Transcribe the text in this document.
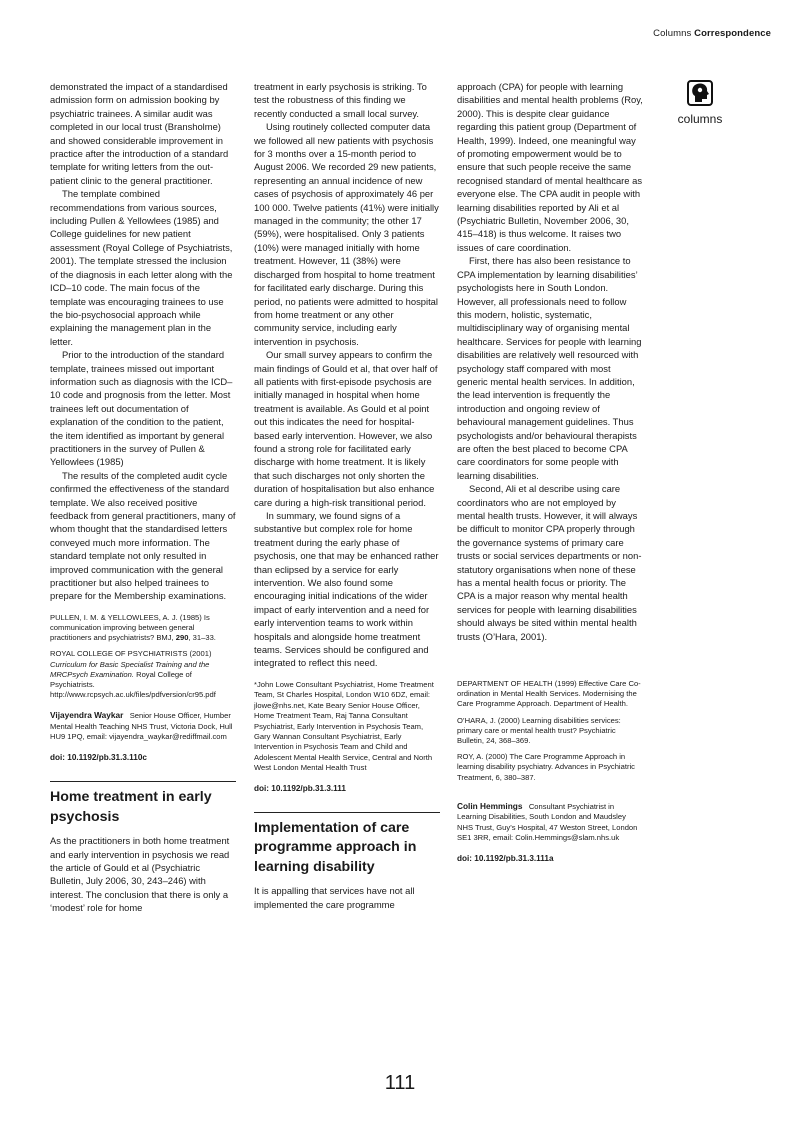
Columns Correspondence
columns

demonstrated the impact of a standardised admission form on admission booking by psychiatric trainees. A similar audit was completed in our local trust (Bransholme) and showed considerable improvement in practice after the introduction of a standard template for writing letters from the out-patient clinic to the general practitioner.

The template combined recommendations from various sources, including Pullen & Yellowlees (1985) and College guidelines for new patient assessment (Royal College of Psychiatrists, 2001). The template stressed the inclusion of the diagnosis in each letter along with the ICD–10 code. The main focus of the template was encouraging trainees to use the bio-psychosocial approach while explaining the management plan in the letter.

Prior to the introduction of the standard template, trainees missed out important information such as diagnosis with the ICD–10 code and prognosis from the letter. Most trainees left out documentation of explanation of the condition to the patient, the item identified as important by general practitioners in the survey of Pullen & Yellowlees (1985)

The results of the completed audit cycle confirmed the effectiveness of the standard template. We also received positive feedback from general practitioners, many of whom thought that the standardised letters conveyed much more information. The standard template not only resulted in improved communication with the general practitioner but also helped trainees to prepare for the Membership examinations.

PULLEN, I. M. & YELLOWLEES, A. J. (1985) Is communication improving between general practitioners and psychiatrists? BMJ, 290, 31–33.
ROYAL COLLEGE OF PSYCHIATRISTS (2001)
Curriculum for Basic Specialist Training and the MRCPsych Examination. Royal College of Psychiatrists. http://www.rcpsych.ac.uk/files/pdfversion/cr95.pdf
Vijayendra Waykar Senior House Officer, Humber Mental Health Teaching NHS Trust, Victoria Dock, Hull HU9 1PQ, email: vijayendra_waykar@rediffmail.com
doi: 10.1192/pb.31.3.110c
Home treatment in early psychosis

As the practitioners in both home treatment and early intervention in psychosis we read the article of Gould et al (Psychiatric Bulletin, July 2006, 30, 243–246) with interest. The conclusion that there is only a ‘modest’ role for home

treatment in early psychosis is striking. To test the robustness of this finding we recently conducted a small local survey.

Using routinely collected computer data we followed all new patients with psychosis for 3 months over a 15-month period to August 2006. We recorded 29 new patients, representing an annual incidence of new cases of psychosis of approximately 46 per 100 000. Twelve patients (41%) were initially managed in the community; the other 17 (59%), were hospitalised. Only 3 patients (10%) were managed initially with home treatment. However, 11 (38%) were discharged from hospital to home treatment for facilitated early discharge. During this period, no patients were admitted to hospital from home treatment or any other community service, including early intervention in psychosis.

Our small survey appears to confirm the main findings of Gould et al, that over half of all patients with first-episode psychosis are initially managed in hospital when home treatment is available. As Gould et al point out this indicates the need for hospital-based early intervention. However, we also found a strong role for facilitated early discharge with home treatment. It is likely that such discharges not only shorten the duration of hospitalisation but also enhance care during a high-risk transitional period.

In summary, we found signs of a substantive but complex role for home treatment during the early phase of psychosis, one that may be enhanced rather than eclipsed by a service for early intervention. We also found some encouraging initial indications of the wider impact of early intervention and a need for early intervention teams to work within hospitals and alongside home treatment teams. Services should be configured and integrated to reflect this need.

*John Lowe Consultant Psychiatrist, Home Treatment Team, St Charles Hospital, London W10 6DZ, email: jlowe@nhs.net, Kate Beary Senior House Officer, Home Treatment Team, Raj Tanna Consultant Psychiatrist, Early Intervention in Psychosis Team, Gary Wannan Consultant Psychiatrist, Early Intervention in Psychosis Team and Child and Adolescent Mental Health Service, Central and North West London Mental Health Trust
doi: 10.1192/pb.31.3.111
Implementation of care programme approach in learning disability

It is appalling that services have not all implemented the care programme

approach (CPA) for people with learning disabilities and mental health problems (Roy, 2000). This is despite clear guidance regarding this patient group (Department of Health, 1999). Indeed, one meaningful way of promoting empowerment would be to ensure that such people receive the same recognised standard of mental healthcare as everyone else. The CPA audit in people with learning disabilities reported by Ali et al (Psychiatric Bulletin, November 2006, 30, 415–418) is thus welcome. It raises two issues of care coordination.

First, there has also been resistance to CPA implementation by learning disabilities’ psychologists here in South London. However, all professionals need to follow this modern, holistic, systematic, multidisciplinary way of organising mental healthcare. Services for people with learning disabilities are relatively well resourced with psychology staff compared with most generic mental health services. In addition, the lead intervention is frequently the introduction and ongoing review of behavioural management guidelines. Thus psychologists and/or behavioural therapists are often the best placed to become CPA care coordinators for some people with learning disabilities.

Second, Ali et al describe using care coordinators who are not employed by mental health trusts. However, it will always be difficult to monitor CPA properly through the governance systems of primary care trusts or social services departments or non-statutory organisations when none of these has a mental health focus or priority. The CPA is a major reason why mental health services for people with learning disabilities should always be sited within mental health trusts (O’Hara, 2001).

DEPARTMENT OF HEALTH (1999) Effective Care Co-ordination in Mental Health Services. Modernising the Care Programme Approach. Department of Health.
O’HARA, J. (2000) Learning disabilities services: primary care or mental health trust? Psychiatric Bulletin, 24, 368–369.
ROY, A. (2000) The Care Programme Approach in learning disability psychiatry. Advances in Psychiatric Treatment, 6, 380–387.
Colin Hemmings Consultant Psychiatrist in Learning Disabilities, South London and Maudsley NHS Trust, Guy’s Hospital, 47 Weston Street, London SE1 3RR, email: Colin.Hemmings@slam.nhs.uk
doi: 10.1192/pb.31.3.111a
111
